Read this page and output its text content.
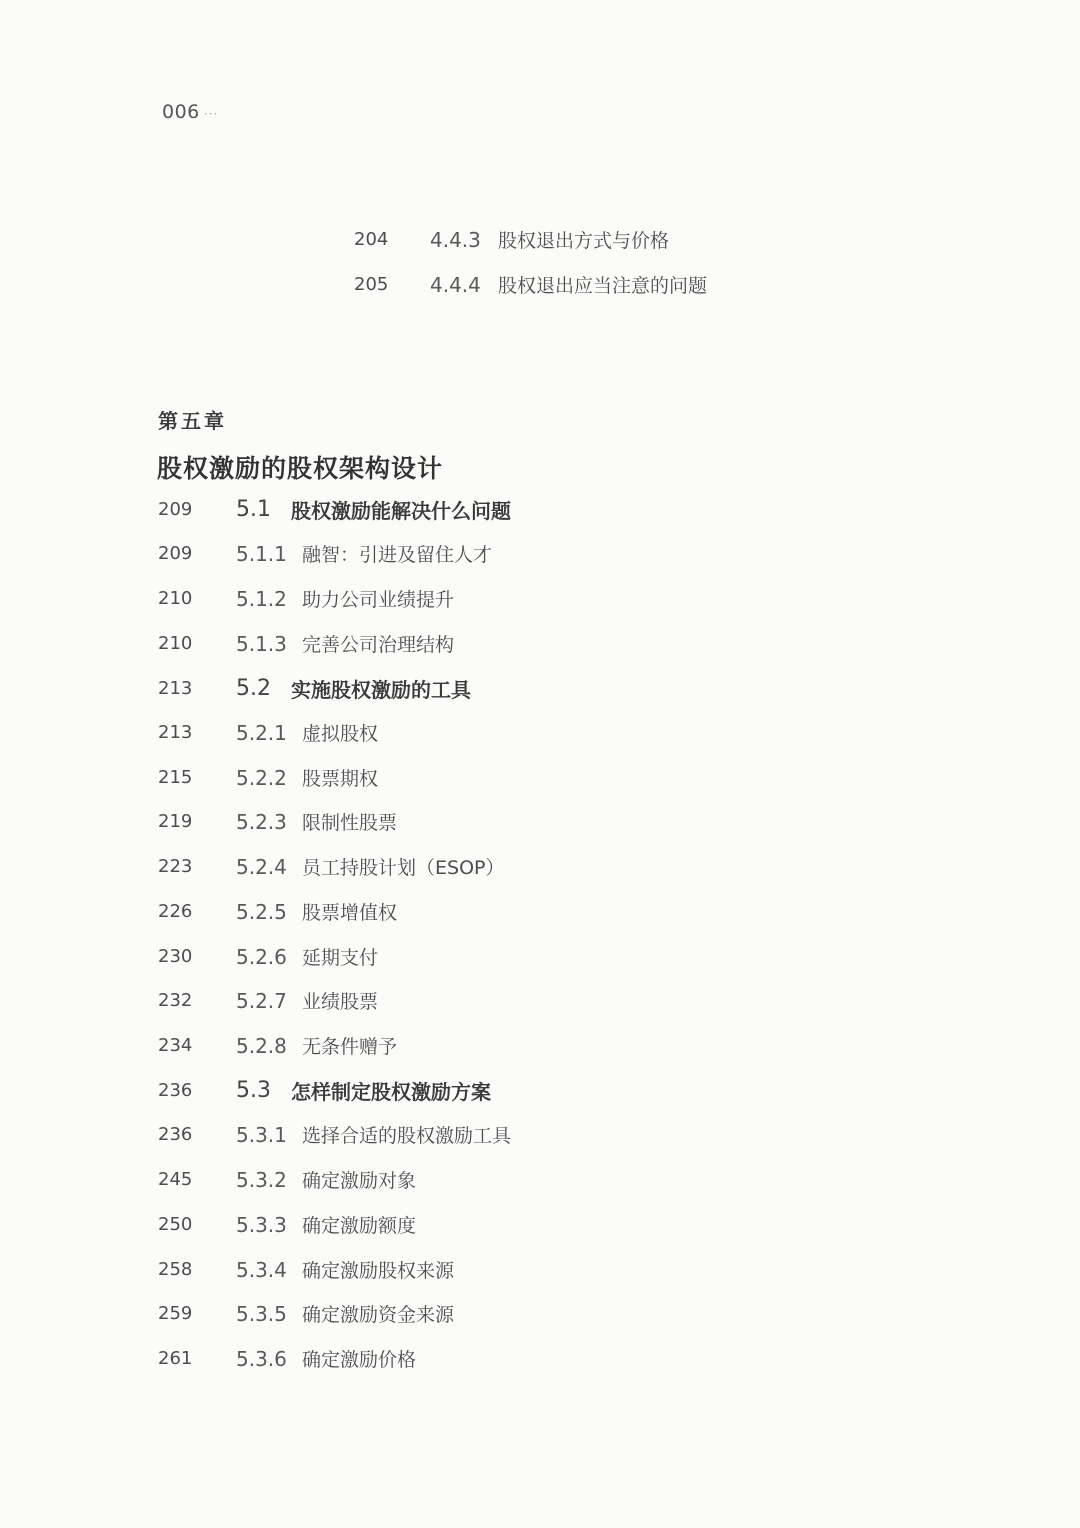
006 ···
204	4.4.3 股权退出方式与价格
205	4.4.4 股权退出应当注意的问题
第五章
股权激励的股权架构设计
209	5.1	股权激励能解决什么问题
209	5.1.1 融智：引进及留住人才
210	5.1.2 助力公司业绩提升
210	5.1.3 完善公司治理结构
213	5.2	实施股权激励的工具
213	5.2.1 虚拟股权
215	5.2.2 股票期权
219	5.2.3 限制性股票
223	5.2.4 员工持股计划（ESOP）
226	5.2.5 股票增值权
230	5.2.6 延期支付
232	5.2.7 业绩股票
234	5.2.8 无条件赠予
236	5.3	怎样制定股权激励方案
236	5.3.1 选择合适的股权激励工具
245	5.3.2 确定激励对象
250	5.3.3 确定激励额度
258	5.3.4 确定激励股权来源
259	5.3.5 确定激励资金来源
261	5.3.6 确定激励价格
